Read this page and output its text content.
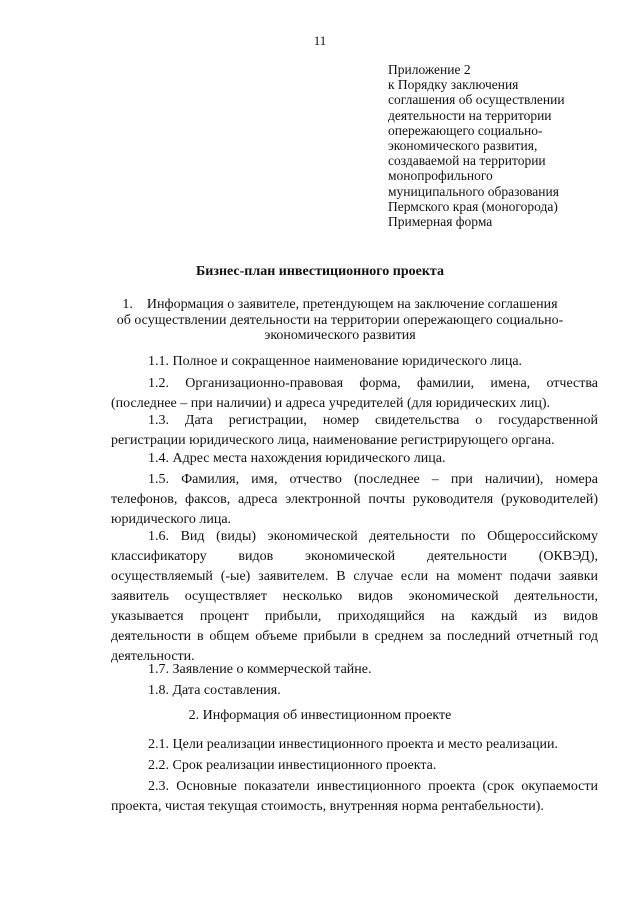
11
Приложение 2
к Порядку заключения
соглашения об осуществлении
деятельности на территории
опережающего социально-
экономического развития,
создаваемой на территории
монопрофильного
муниципального образования
Пермского края (моногорода)
Примерная форма
Бизнес-план инвестиционного проекта
1.    Информация о заявителе, претендующем на заключение соглашения
об осуществлении деятельности на территории опережающего социально-
экономического развития
1.1. Полное и сокращенное наименование юридического лица.
1.2. Организационно-правовая форма, фамилии, имена, отчества
(последнее – при наличии) и адреса учредителей (для юридических лиц).
1.3. Дата регистрации, номер свидетельства о государственной
регистрации юридического лица, наименование регистрирующего органа.
1.4. Адрес места нахождения юридического лица.
1.5. Фамилия, имя, отчество (последнее – при наличии), номера
телефонов, факсов, адреса электронной почты руководителя (руководителей)
юридического лица.
1.6. Вид (виды) экономической деятельности по Общероссийскому
классификатору видов экономической деятельности (ОКВЭД),
осуществляемый (-ые) заявителем. В случае если на момент подачи заявки
заявитель осуществляет несколько видов экономической деятельности,
указывается процент прибыли, приходящийся на каждый из видов
деятельности в общем объеме прибыли в среднем за последний отчетный год
деятельности.
1.7. Заявление о коммерческой тайне.
1.8. Дата составления.
2. Информация об инвестиционном проекте
2.1. Цели реализации инвестиционного проекта и место реализации.
2.2. Срок реализации инвестиционного проекта.
2.3. Основные показатели инвестиционного проекта (срок окупаемости
проекта, чистая текущая стоимость, внутренняя норма рентабельности).
